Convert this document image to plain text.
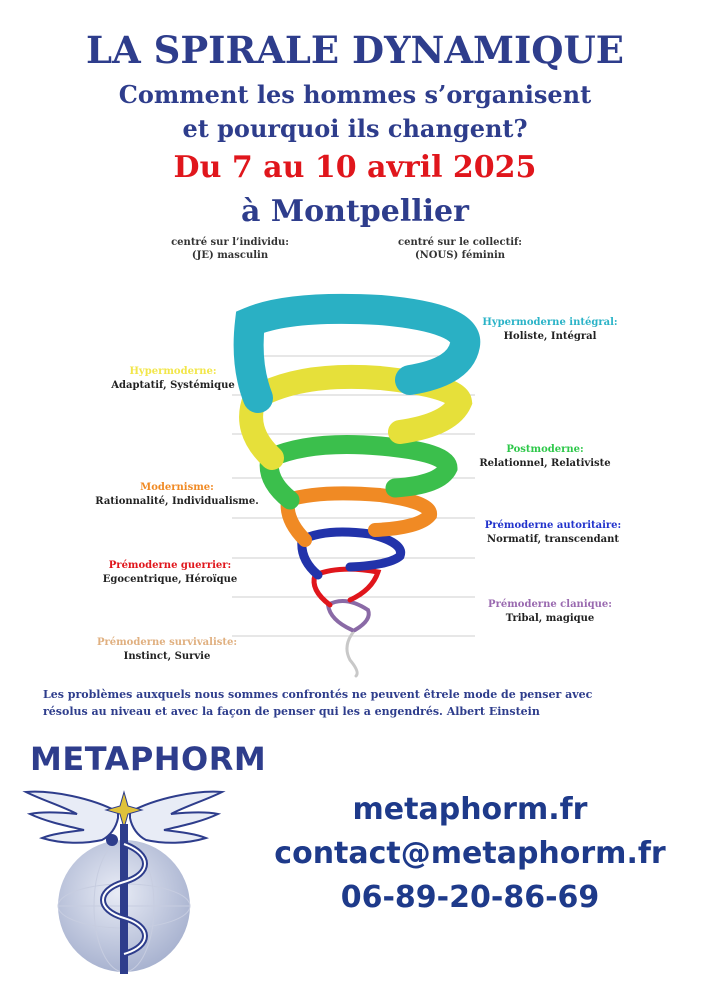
LA SPIRALE DYNAMIQUE
Comment les hommes s’organisent
et pourquoi ils changent?
Du 7 au 10 avril 2025
à Montpellier
centré sur l’individu:
(JE) masculin
centré sur le collectif:
(NOUS) féminin
Hypermoderne intégral:
Holiste, Intégral
Hypermoderne:
Adaptatif, Systémique
Postmoderne:
Relationnel, Relativiste
Modernisme:
Rationnalité, Individualisme.
Prémoderne autoritaire:
Normatif, transcendant
Prémoderne guerrier:
Egocentrique, Héroïque
Prémoderne clanique:
Tribal, magique
Prémoderne survivaliste:
Instinct, Survie
Les problèmes auxquels nous sommes confrontés ne peuvent êtrele mode de penser avec
résolus au niveau et avec la façon de penser qui les a engendrés. Albert Einstein
METAPHORM
metaphorm.fr
contact@metaphorm.fr
06-89-20-86-69
